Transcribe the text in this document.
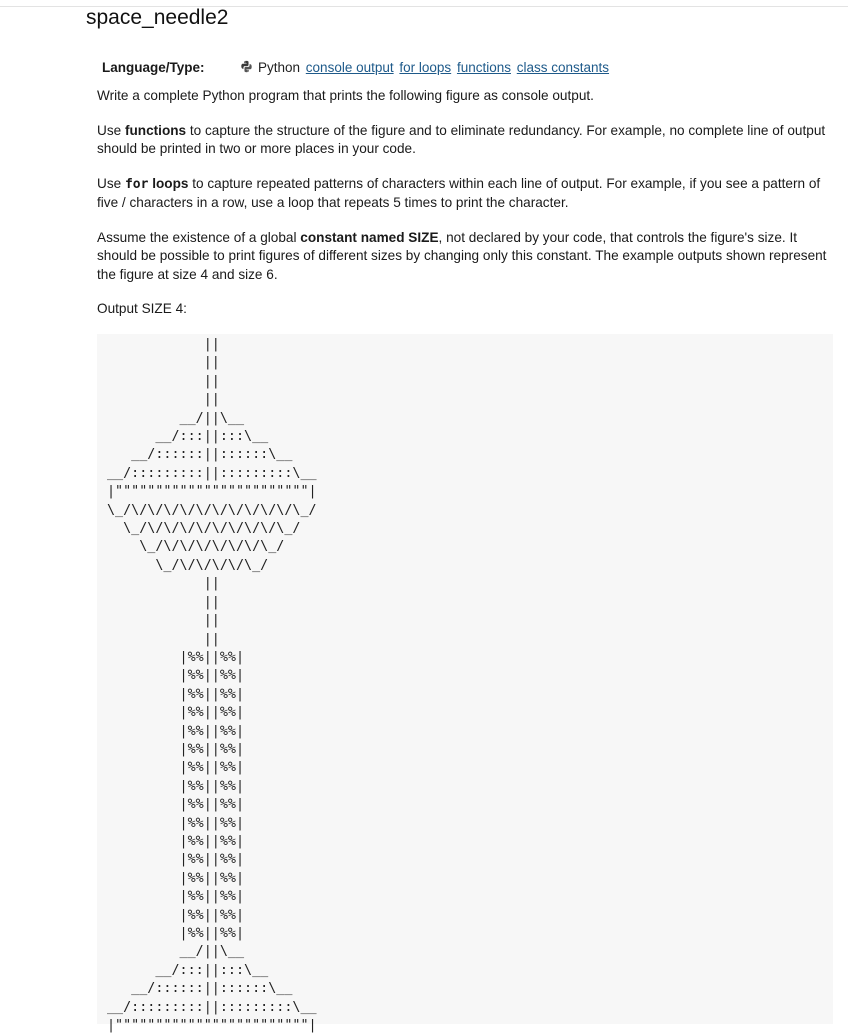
space_needle2
Language/Type:	Python console output for loops functions class constants

Write a complete Python program that prints the following figure as console output.

Use functions to capture the structure of the figure and to eliminate redundancy. For example, no complete line of output should be printed in two or more places in your code.

Use for loops to capture repeated patterns of characters within each line of output. For example, if you see a pattern of five / characters in a row, use a loop that repeats 5 times to print the character.

Assume the existence of a global constant named SIZE, not declared by your code, that controls the figure's size. It should be possible to print figures of different sizes by changing only this constant. The example outputs shown represent the figure at size 4 and size 6.

Output SIZE 4:
||
||
||
||
__/||\__
__/:::||:::\__
__/::::::||::::::\__
__/:::::::::||:::::::::\__
|""""""""""""""""""""""""|
\_/\/\/\/\/\/\/\/\/\/\/\_/
\_/\/\/\/\/\/\/\/\/\_/
\_/\/\/\/\/\/\/\_/
\_/\/\/\/\/\_/
||
||
||
||
|%%||%%|
|%%||%%|
|%%||%%|
|%%||%%|
|%%||%%|
|%%||%%|
|%%||%%|
|%%||%%|
|%%||%%|
|%%||%%|
|%%||%%|
|%%||%%|
|%%||%%|
|%%||%%|
|%%||%%|
|%%||%%|
__/||\__
__/:::||:::\__
__/::::::||::::::\__
__/:::::::::||:::::::::\__
|""""""""""""""""""""""""|
